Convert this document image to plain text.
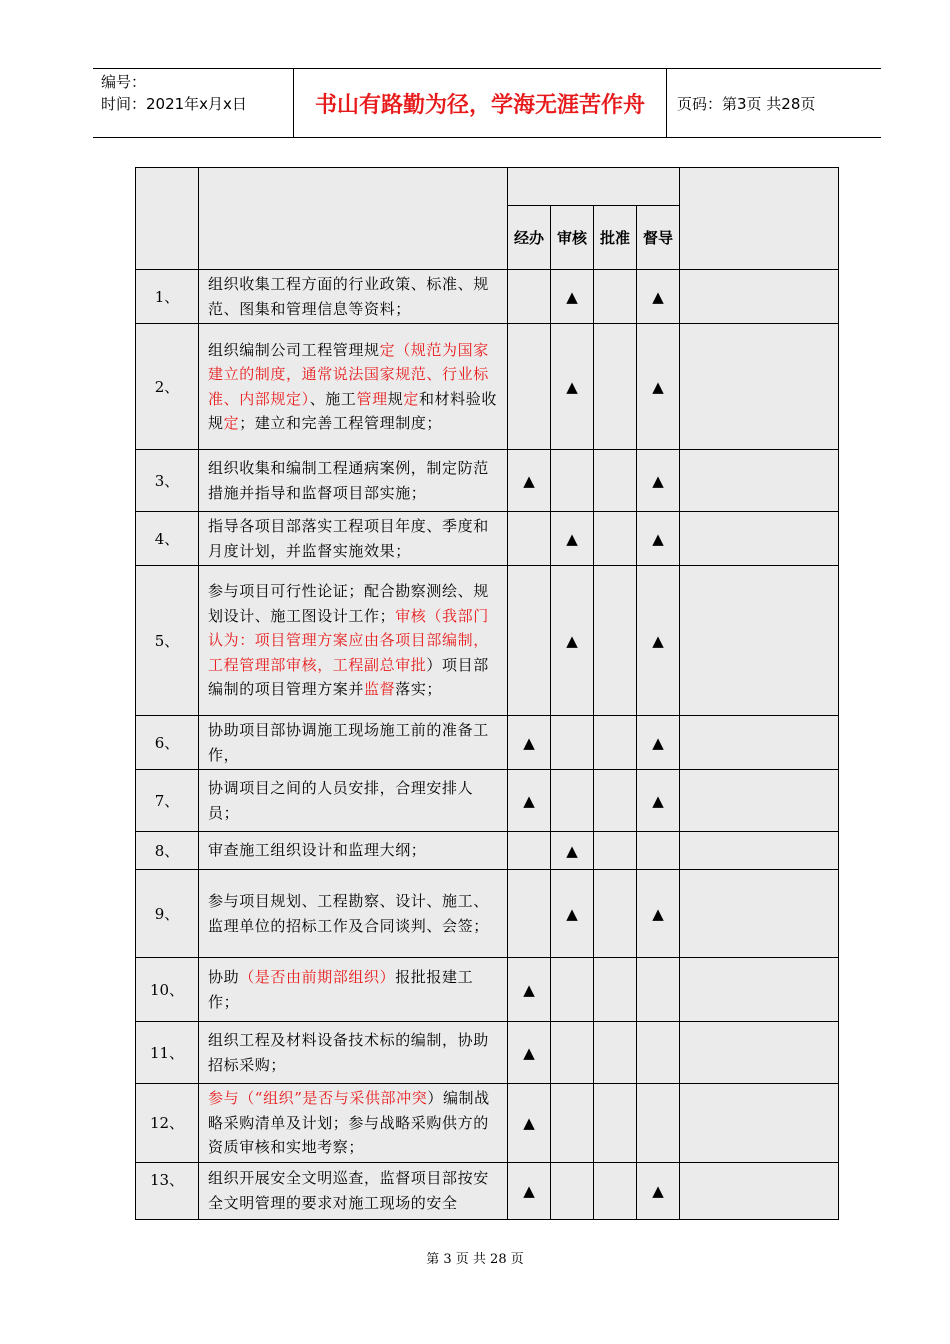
编号：
时间：2021年x月x日	书山有路勤为径，学海无涯苦作舟	页码：第3页 共28页

		经办	审核	批准	督导	
1、	组织收集工程方面的行业政策、标准、规范、图集和管理信息等资料；		▲		▲	
2、	组织编制公司工程管理规定（规范为国家建立的制度，通常说法国家规范、行业标准、内部规定）、施工管理规定和材料验收规定；建立和完善工程管理制度；		▲		▲	
3、	组织收集和编制工程通病案例，制定防范措施并指导和监督项目部实施；	▲			▲	
4、	指导各项目部落实工程项目年度、季度和月度计划，并监督实施效果；		▲		▲	
5、	参与项目可行性论证；配合勘察测绘、规划设计、施工图设计工作；审核（我部门认为：项目管理方案应由各项目部编制，工程管理部审核，工程副总审批）项目部编制的项目管理方案并监督落实；		▲		▲	
6、	协助项目部协调施工现场施工前的准备工作，	▲			▲	
7、	协调项目之间的人员安排，合理安排人员；	▲			▲	
8、	审查施工组织设计和监理大纲；		▲			
9、	参与项目规划、工程勘察、设计、施工、监理单位的招标工作及合同谈判、会签；		▲		▲	
10、	协助（是否由前期部组织）报批报建工作；	▲				
11、	组织工程及材料设备技术标的编制，协助招标采购；	▲				
12、	参与（“组织”是否与采供部冲突）编制战略采购清单及计划；参与战略采购供方的资质审核和实地考察；	▲				
13、	组织开展安全文明巡查，监督项目部按安全文明管理的要求对施工现场的安全	▲			▲	
第 3 页 共 28 页
